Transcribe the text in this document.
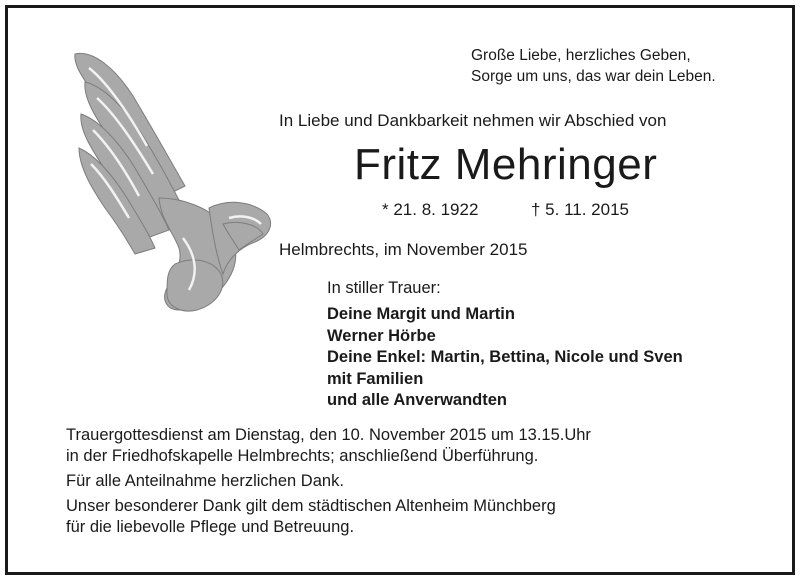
Große Liebe, herzliches Geben,
Sorge um uns, das war dein Leben.
In Liebe und Dankbarkeit nehmen wir Abschied von
Fritz Mehringer
* 21. 8. 1922	† 5. 11. 2015
Helmbrechts, im November 2015
In stiller Trauer:
Deine Margit und Martin
Werner Hörbe
Deine Enkel: Martin, Bettina, Nicole und Sven
mit Familien
und alle Anverwandten
Trauergottesdienst am Dienstag, den 10. November 2015 um 13.15.Uhr
in der Friedhofskapelle Helmbrechts; anschließend Überführung.
Für alle Anteilnahme herzlichen Dank.
Unser besonderer Dank gilt dem städtischen Altenheim Münchberg
für die liebevolle Pflege und Betreuung.
